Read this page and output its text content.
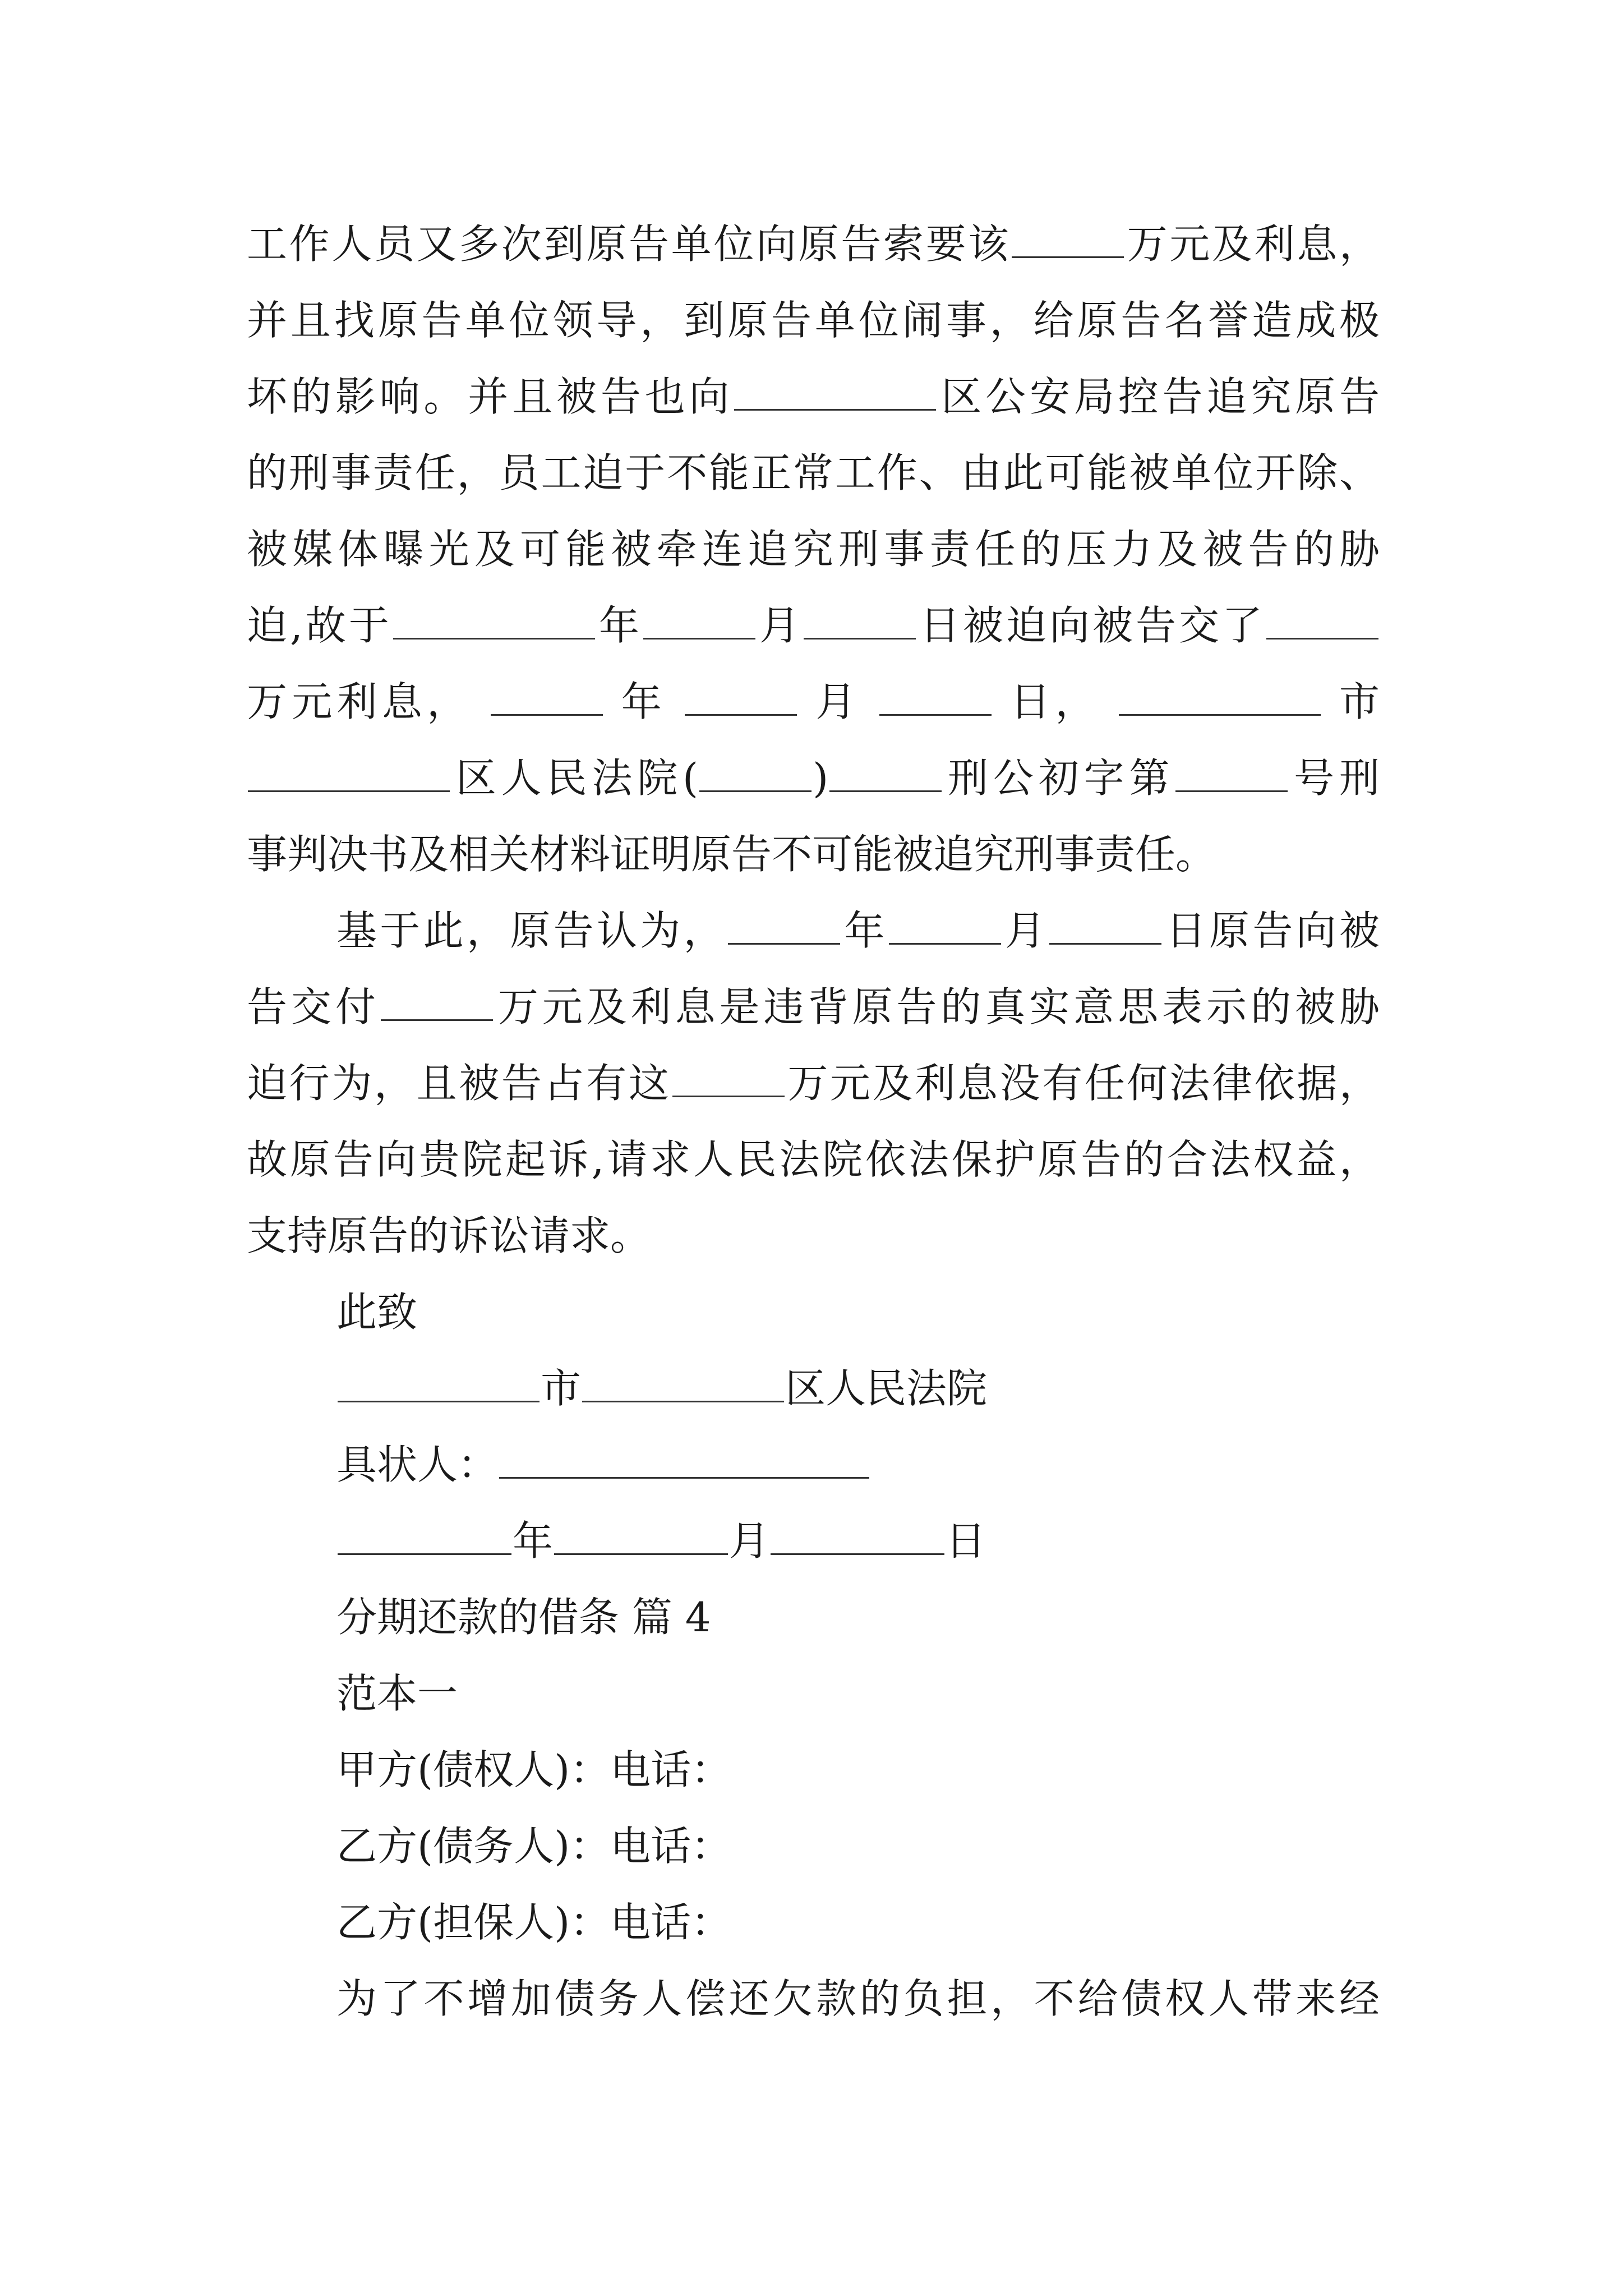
工作人员又多次到原告单位向原告索要该	万元及利息，
并且找原告单位领导，到原告单位闹事，给原告名誉造成极
坏的影响。并且被告也向	区公安局控告追究原告
的刑事责任，员工迫于不能正常工作、由此可能被单位开除、
被媒体曝光及可能被牵连追究刑事责任的压力及被告的胁
迫,故于	年	月	日被迫向被告交了
万元利息，	年	月	日，	市
区人民法院(	)	刑公初字第	号刑
事判决书及相关材料证明原告不可能被追究刑事责任。
基于此，原告认为，	年	月	日原告向被
告交付	万元及利息是违背原告的真实意思表示的被胁
迫行为，且被告占有这	万元及利息没有任何法律依据，
故原告向贵院起诉,请求人民法院依法保护原告的合法权益，
支持原告的诉讼请求。
此致
市	区人民法院
具状人：
年	月	日
分期还款的借条 篇 4
范本一
甲方(债权人)：电话：
乙方(债务人)：电话：
乙方(担保人)：电话：
为了不增加债务人偿还欠款的负担，不给债权人带来经
